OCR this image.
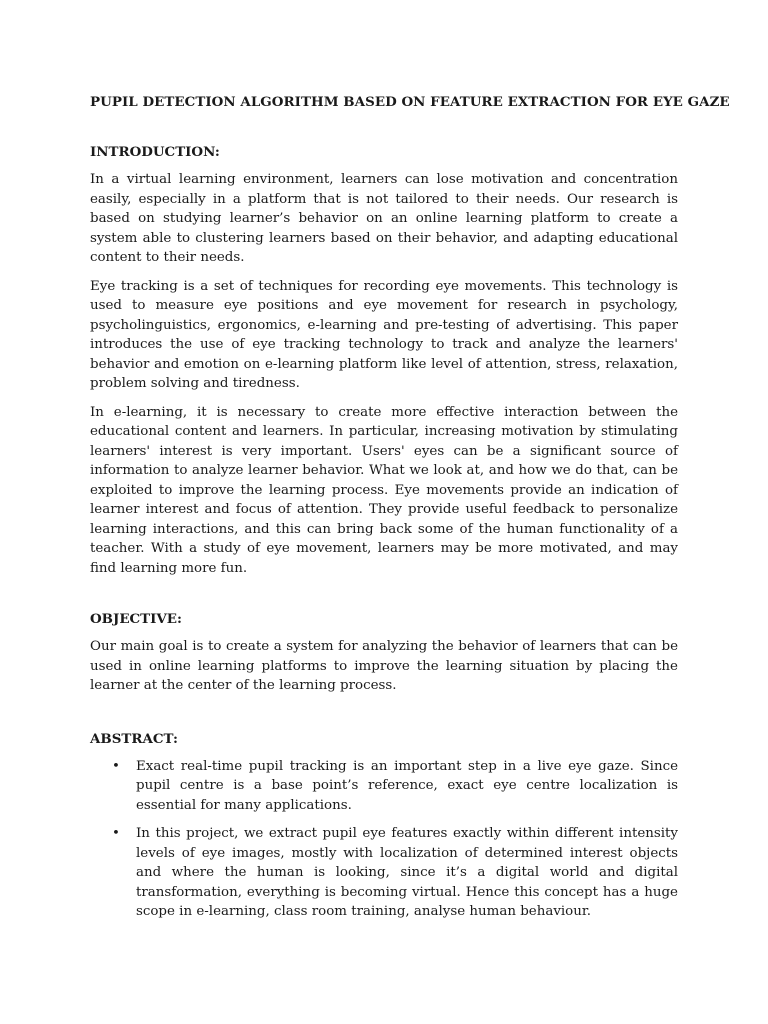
PUPIL DETECTION ALGORITHM BASED ON FEATURE EXTRACTION FOR EYE GAZE
INTRODUCTION:

In a virtual learning environment, learners can lose motivation and concentration easily, especially in a platform that is not tailored to their needs. Our research is based on studying learner’s behavior on an online learning platform to create a system able to clustering learners based on their behavior, and adapting educational content to their needs.

Eye tracking is a set of techniques for recording eye movements. This technology is used to measure eye positions and eye movement for research in psychology, psycholinguistics, ergonomics, e-learning and pre-testing of advertising. This paper introduces the use of eye tracking technology to track and analyze the learners' behavior and emotion on e-learning platform like level of attention, stress, relaxation, problem solving and tiredness.

In e-learning, it is necessary to create more effective interaction between the educational content and learners. In particular, increasing motivation by stimulating learners' interest is very important. Users' eyes can be a significant source of information to analyze learner behavior. What we look at, and how we do that, can be exploited to improve the learning process. Eye movements provide an indication of learner interest and focus of attention. They provide useful feedback to personalize learning interactions, and this can bring back some of the human functionality of a teacher. With a study of eye movement, learners may be more motivated, and may find learning more fun.

OBJECTIVE:

Our main goal is to create a system for analyzing the behavior of learners that can be used in online learning platforms to improve the learning situation by placing the learner at the center of the learning process.

ABSTRACT:
• Exact real-time pupil tracking is an important step in a live eye gaze. Since pupil centre is a base point’s reference, exact eye centre localization is essential for many applications.
• In this project, we extract pupil eye features exactly within different intensity levels of eye images, mostly with localization of determined interest objects and where the human is looking, since it’s a digital world and digital transformation, everything is becoming virtual. Hence this concept has a huge scope in e-learning, class room training, analyse human behaviour.
